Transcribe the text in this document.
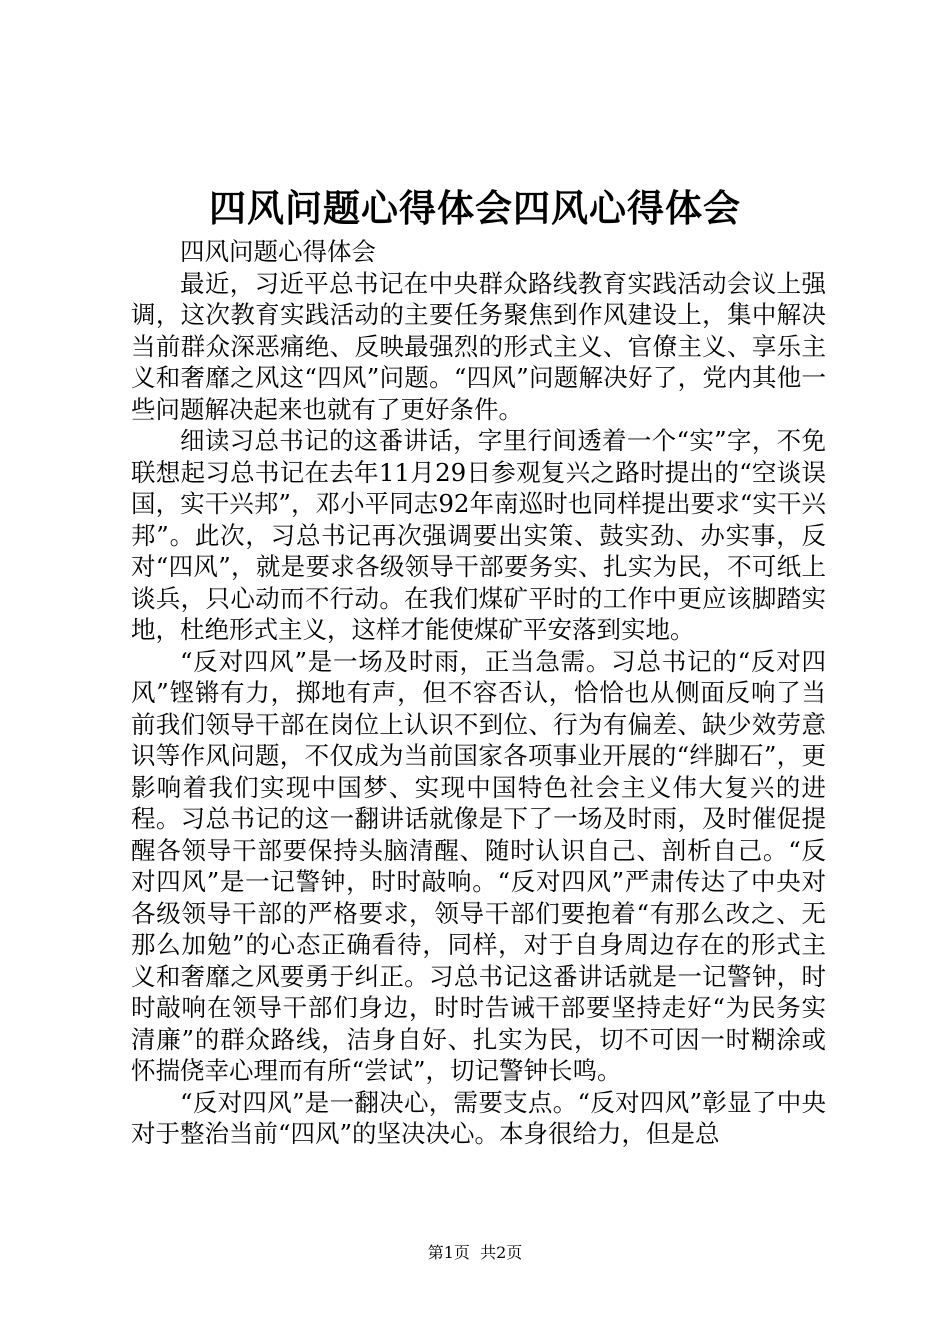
四风问题心得体会四风心得体会

四风问题心得体会

最近，习近平总书记在中央群众路线教育实践活动会议上强调，这次教育实践活动的主要任务聚焦到作风建设上，集中解决当前群众深恶痛绝、反映最强烈的形式主义、官僚主义、享乐主义和奢靡之风这“四风”问题。“四风”问题解决好了，党内其他一些问题解决起来也就有了更好条件。

细读习总书记的这番讲话，字里行间透着一个“实”字，不免联想起习总书记在去年11月29日参观复兴之路时提出的“空谈误国，实干兴邦”，邓小平同志92年南巡时也同样提出要求“实干兴邦”。此次，习总书记再次强调要出实策、鼓实劲、办实事，反对“四风”，就是要求各级领导干部要务实、扎实为民，不可纸上谈兵，只心动而不行动。在我们煤矿平时的工作中更应该脚踏实地，杜绝形式主义，这样才能使煤矿平安落到实地。

“反对四风”是一场及时雨，正当急需。习总书记的“反对四风”铿锵有力，掷地有声，但不容否认，恰恰也从侧面反响了当前我们领导干部在岗位上认识不到位、行为有偏差、缺少效劳意识等作风问题，不仅成为当前国家各项事业开展的“绊脚石”，更影响着我们实现中国梦、实现中国特色社会主义伟大复兴的进程。习总书记的这一翻讲话就像是下了一场及时雨，及时催促提醒各领导干部要保持头脑清醒、随时认识自己、剖析自己。“反对四风”是一记警钟，时时敲响。“反对四风”严肃传达了中央对各级领导干部的严格要求，领导干部们要抱着“有那么改之、无那么加勉”的心态正确看待，同样，对于自身周边存在的形式主义和奢靡之风要勇于纠正。习总书记这番讲话就是一记警钟，时时敲响在领导干部们身边，时时告诫干部要坚持走好“为民务实清廉”的群众路线，洁身自好、扎实为民，切不可因一时糊涂或怀揣侥幸心理而有所“尝试”，切记警钟长鸣。

“反对四风”是一翻决心，需要支点。“反对四风”彰显了中央对于整治当前“四风”的坚决决心。本身很给力，但是总

第1页 共2页
